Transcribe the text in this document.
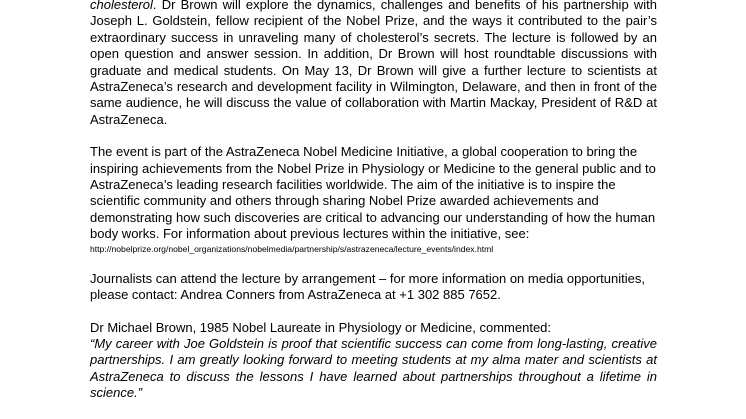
cholesterol. Dr Brown will explore the dynamics, challenges and benefits of his partnership with Joseph L. Goldstein, fellow recipient of the Nobel Prize, and the ways it contributed to the pair’s extraordinary success in unraveling many of cholesterol’s secrets. The lecture is followed by an open question and answer session. In addition, Dr Brown will host roundtable discussions with graduate and medical students. On May 13, Dr Brown will give a further lecture to scientists at AstraZeneca’s research and development facility in Wilmington, Delaware, and then in front of the same audience, he will discuss the value of collaboration with Martin Mackay, President of R&D at AstraZeneca.

The event is part of the AstraZeneca Nobel Medicine Initiative, a global cooperation to bring the inspiring achievements from the Nobel Prize in Physiology or Medicine to the general public and to AstraZeneca’s leading research facilities worldwide. The aim of the initiative is to inspire the scientific community and others through sharing Nobel Prize awarded achievements and demonstrating how such discoveries are critical to advancing our understanding of how the human body works. For information about previous lectures within the initiative, see:
http://nobelprize.org/nobel_organizations/nobelmedia/partnership/s/astrazeneca/lecture_events/index.html

Journalists can attend the lecture by arrangement – for more information on media opportunities, please contact: Andrea Conners from AstraZeneca at +1 302 885 7652.

Dr Michael Brown, 1985 Nobel Laureate in Physiology or Medicine, commented:

“My career with Joe Goldstein is proof that scientific success can come from long-lasting, creative partnerships. I am greatly looking forward to meeting students at my alma mater and scientists at AstraZeneca to discuss the lessons I have learned about partnerships throughout a lifetime in science.”
